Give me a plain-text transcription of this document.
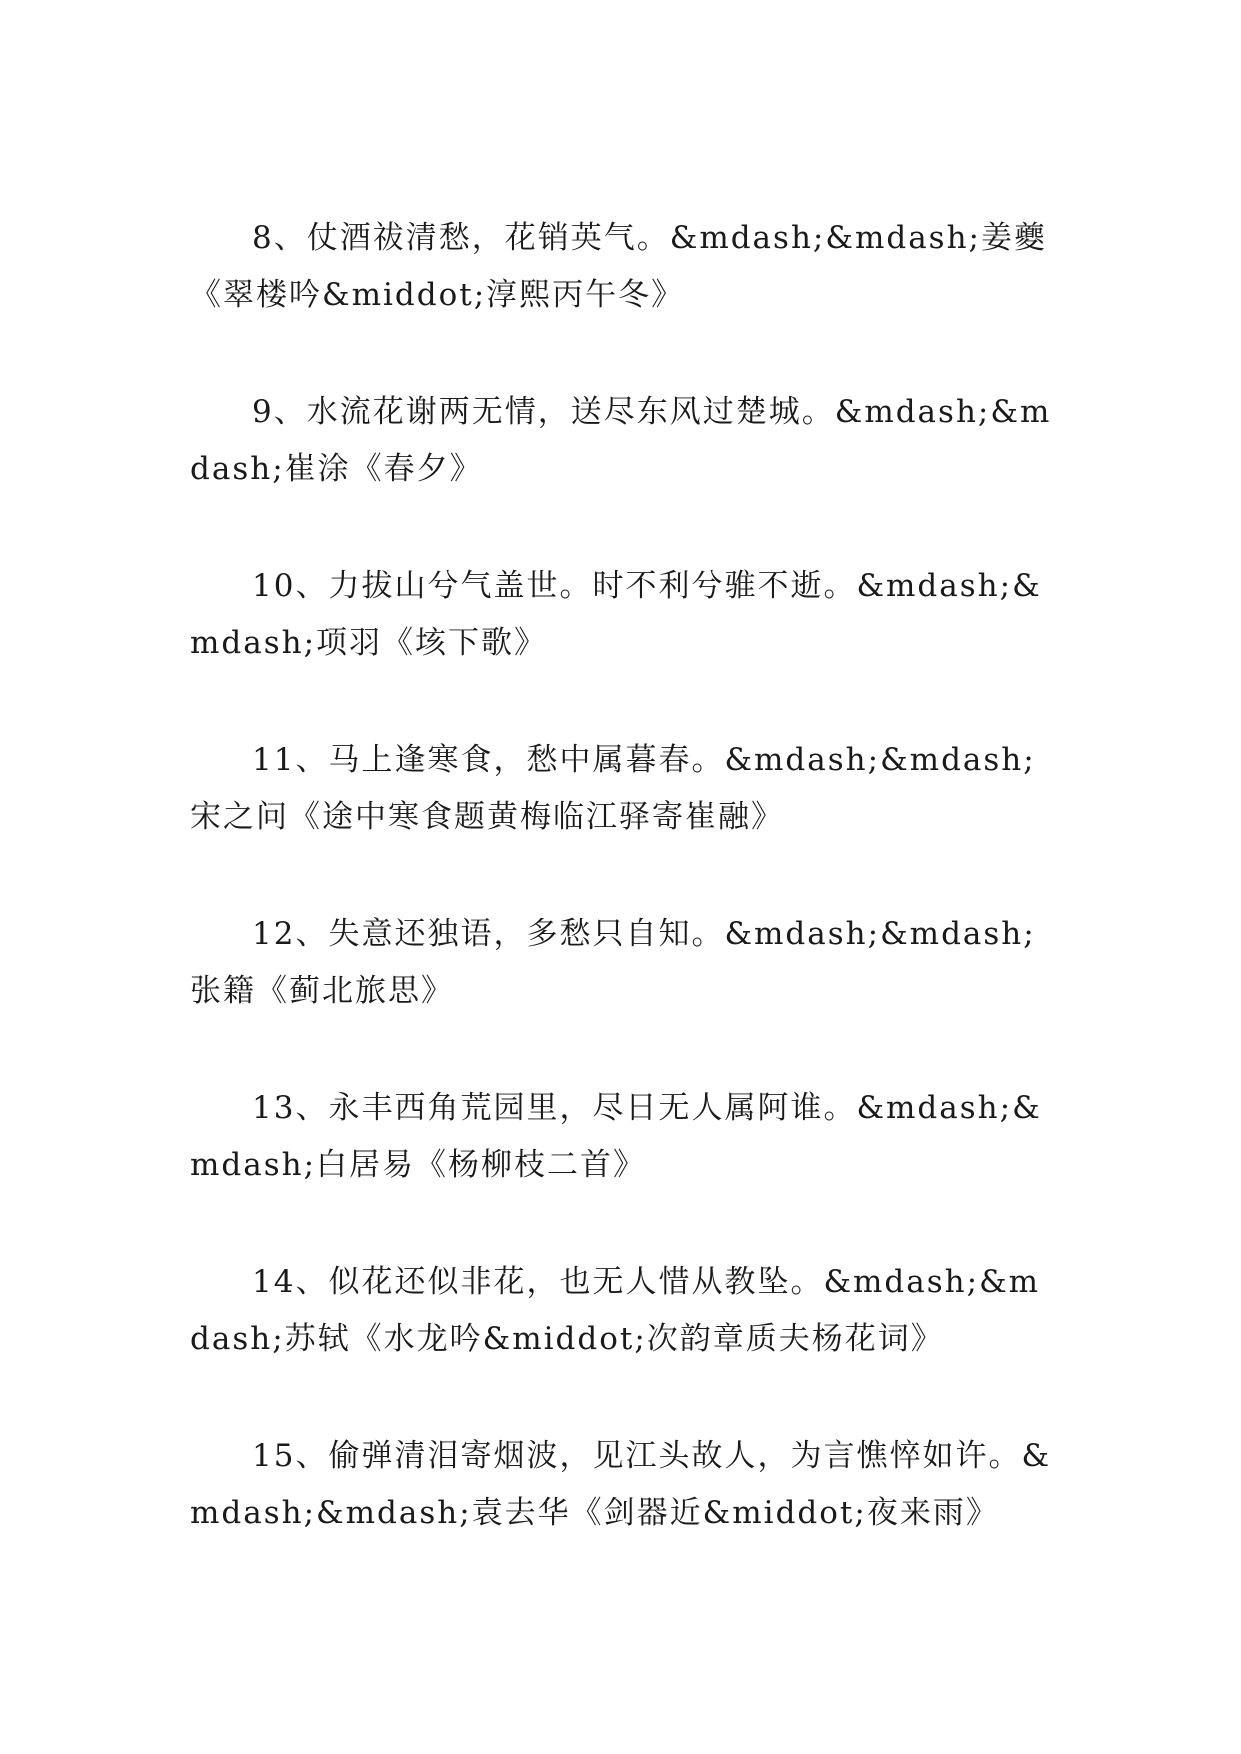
8、仗酒祓清愁，花销英气。&mdash;&mdash;姜夔《翠楼吟&middot;淳熙丙午冬》

9、水流花谢两无情，送尽东风过楚城。&mdash;&mdash;崔涂《春夕》

10、力拔山兮气盖世。时不利兮骓不逝。&mdash;&mdash;项羽《垓下歌》

11、马上逢寒食，愁中属暮春。&mdash;&mdash;宋之问《途中寒食题黄梅临江驿寄崔融》

12、失意还独语，多愁只自知。&mdash;&mdash;张籍《蓟北旅思》

13、永丰西角荒园里，尽日无人属阿谁。&mdash;&mdash;白居易《杨柳枝二首》

14、似花还似非花，也无人惜从教坠。&mdash;&mdash;苏轼《水龙吟&middot;次韵章质夫杨花词》

15、偷弹清泪寄烟波，见江头故人，为言憔悴如许。&mdash;&mdash;袁去华《剑器近&middot;夜来雨》
